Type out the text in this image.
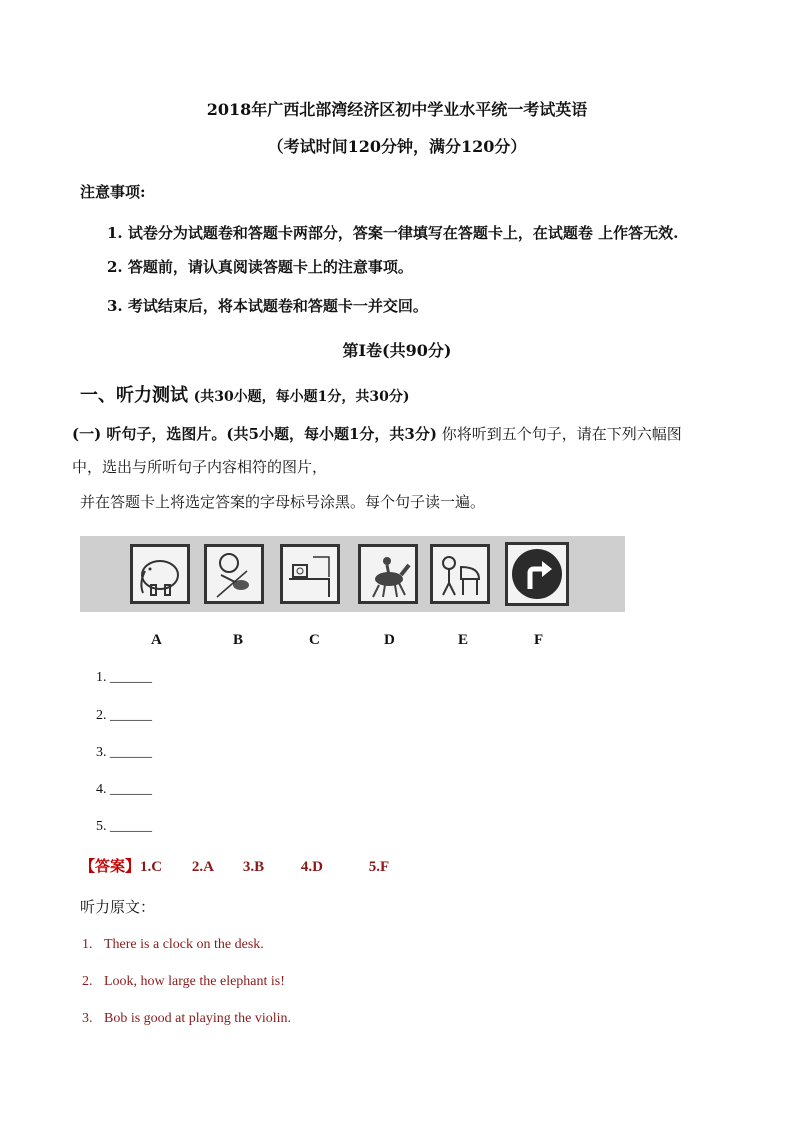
2018年广西北部湾经济区初中学业水平统一考试英语
（考试时间120分钟，满分120分）
注意事项:
1. 试卷分为试题卷和答题卡两部分，答案一律填写在答题卡上，在试题卷 上作答无效.
2. 答题前，请认真阅读答题卡上的注意事项。
3. 考试结束后，将本试题卷和答题卡一并交回。
第Ⅰ卷(共90分)
一、听力测试 (共30小题，每小题1分，共30分)
(一) 听句子，选图片。(共5小题，每小题1分，共3分) 你将听到五个句子，请在下列六幅图
中，选出与所听句子内容相符的图片，
并在答题卡上将选定答案的字母标号涂黑。每个句子读一遍。
A	B	C	D	E	F
1. ______
2. ______
3. ______
4. ______
5. ______
【答案】1.C 2.A 3.B 4.D	5.F
听力原文：
1. There is a clock on the desk.
2. Look, how large the elephant is!
3. Bob is good at playing the violin.
